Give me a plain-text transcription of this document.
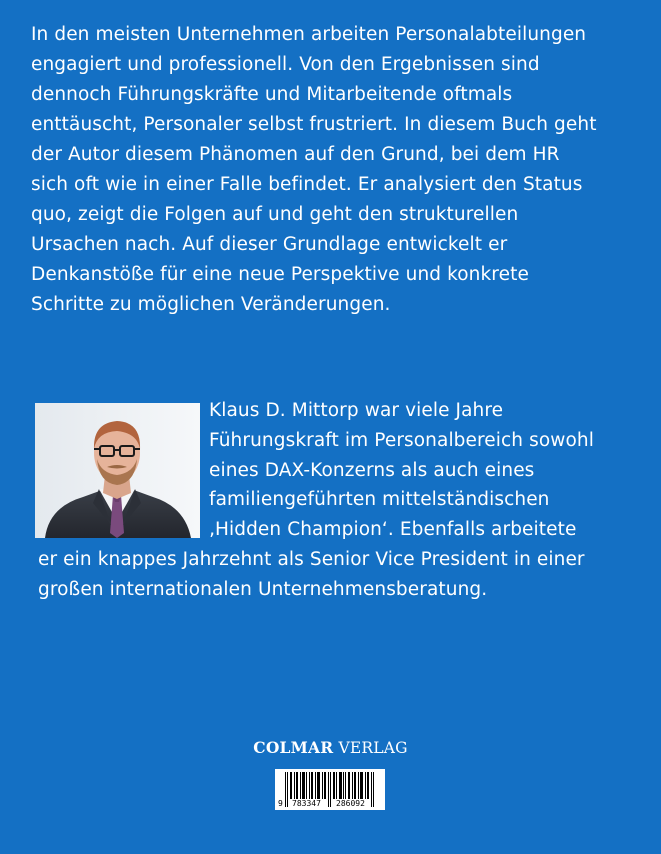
In den meisten Unternehmen arbeiten Personalabteilungen engagiert und professionell. Von den Ergebnissen sind dennoch Führungskräfte und Mitarbeitende oftmals enttäuscht, Personaler selbst frustriert. In diesem Buch geht der Autor diesem Phänomen auf den Grund, bei dem HR sich oft wie in einer Falle befindet. Er analysiert den Status quo, zeigt die Folgen auf und geht den strukturellen Ursachen nach. Auf dieser Grundlage entwickelt er Denkanstöße für eine neue Perspektive und konkrete Schritte zu möglichen Veränderungen.

Klaus D. Mittorp war viele Jahre Führungskraft im Personalbereich sowohl eines DAX-Konzerns als auch eines familiengeführten mittelständischen ‚Hidden Champion‘. Ebenfalls arbeitete er ein knappes Jahrzehnt als Senior Vice President in einer großen internationalen Unternehmensberatung.
COLMAR VERLAG
9 783347 286092
